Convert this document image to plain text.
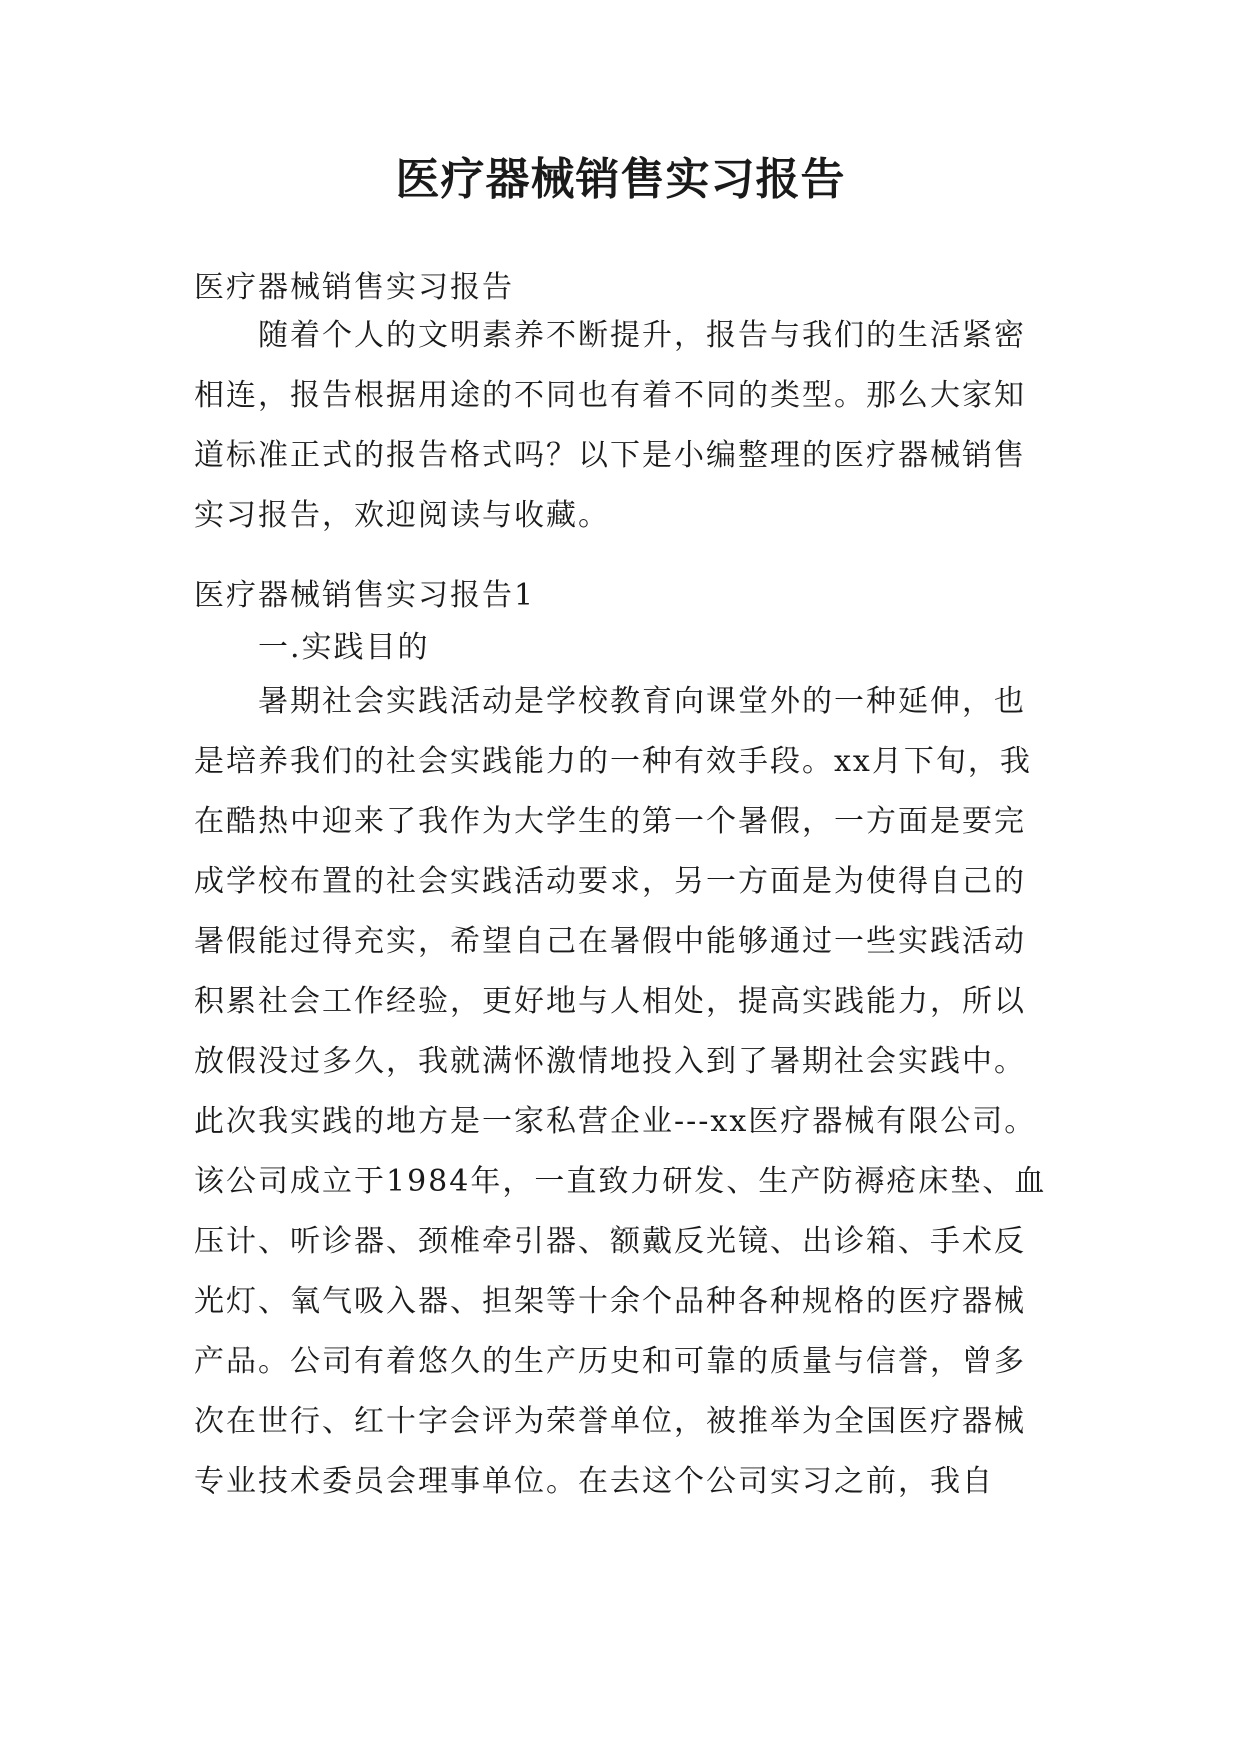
医疗器械销售实习报告

医疗器械销售实习报告

随着个人的文明素养不断提升，报告与我们的生活紧密相连，报告根据用途的不同也有着不同的类型。那么大家知道标准正式的报告格式吗？以下是小编整理的医疗器械销售实习报告，欢迎阅读与收藏。

医疗器械销售实习报告1

一.实践目的

暑期社会实践活动是学校教育向课堂外的一种延伸，也是培养我们的社会实践能力的一种有效手段。xx月下旬，我在酷热中迎来了我作为大学生的第一个暑假，一方面是要完成学校布置的社会实践活动要求，另一方面是为使得自己的暑假能过得充实，希望自己在暑假中能够通过一些实践活动积累社会工作经验，更好地与人相处，提高实践能力，所以放假没过多久，我就满怀激情地投入到了暑期社会实践中。此次我实践的地方是一家私营企业---xx医疗器械有限公司。该公司成立于1984年，一直致力研发、生产防褥疮床垫、血压计、听诊器、颈椎牵引器、额戴反光镜、出诊箱、手术反光灯、氧气吸入器、担架等十余个品种各种规格的医疗器械产品。公司有着悠久的生产历史和可靠的质量与信誉，曾多次在世行、红十字会评为荣誉单位，被推举为全国医疗器械专业技术委员会理事单位。在去这个公司实习之前，我自
